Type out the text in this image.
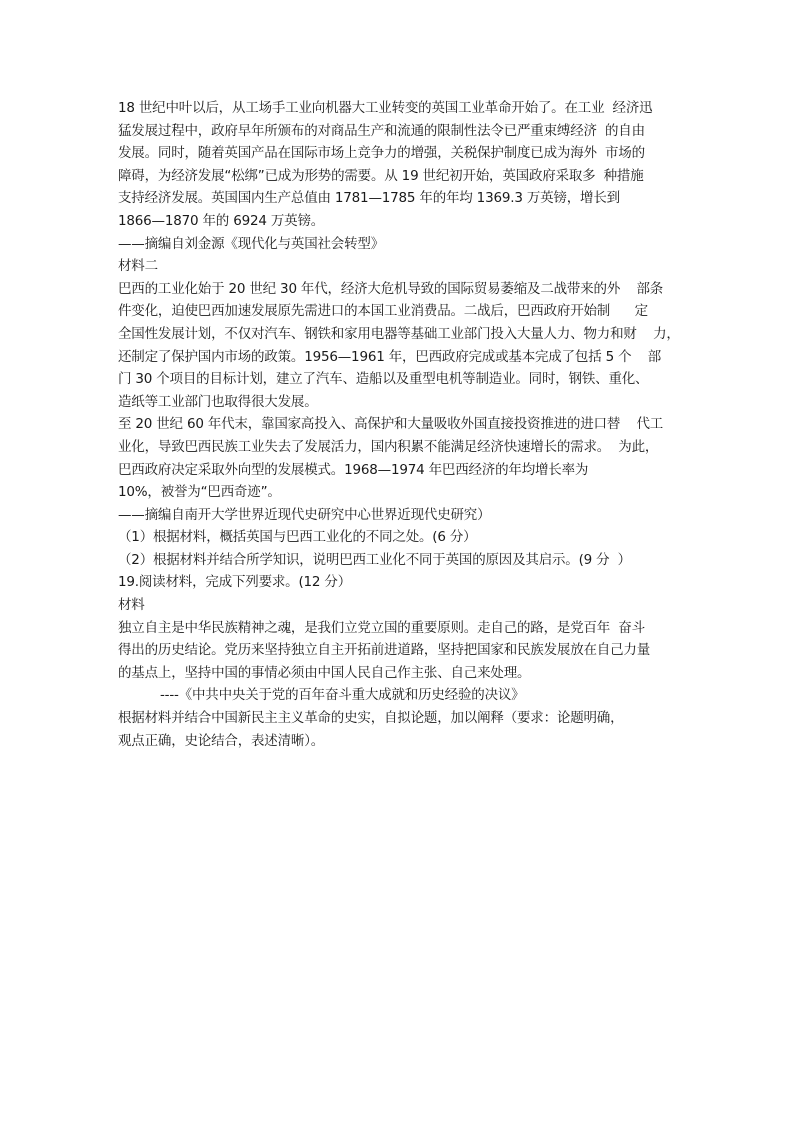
18 世纪中叶以后，从工场手工业向机器大工业转变的英国工业革命开始了。在工业  经济迅
猛发展过程中，政府早年所颁布的对商品生产和流通的限制性法令已严重束缚经济  的自由
发展。同时，随着英国产品在国际市场上竞争力的增强，关税保护制度已成为海外  市场的
障碍，为经济发展“松绑”已成为形势的需要。从 19 世纪初开始，英国政府采取多  种措施
支持经济发展。英国国内生产总值由 1781—1785 年的年均 1369.3 万英镑，增长到
1866—1870 年的 6924 万英镑。
——摘编自刘金源《现代化与英国社会转型》
材料二
巴西的工业化始于 20 世纪 30 年代，经济大危机导致的国际贸易萎缩及二战带来的外    部条
件变化，迫使巴西加速发展原先需进口的本国工业消费品。二战后，巴西政府开始制      定
全国性发展计划，不仅对汽车、钢铁和家用电器等基础工业部门投入大量人力、物力和财    力，
还制定了保护国内市场的政策。1956—1961 年，巴西政府完成或基本完成了包括 5 个    部
门 30 个项目的目标计划，建立了汽车、造船以及重型电机等制造业。同时，钢铁、重化、
造纸等工业部门也取得很大发展。
至 20 世纪 60 年代末，靠国家高投入、高保护和大量吸收外国直接投资推进的进口替    代工
业化，导致巴西民族工业失去了发展活力，国内积累不能满足经济快速增长的需求。  为此，
巴西政府决定采取外向型的发展模式。1968—1974 年巴西经济的年均增长率为
10%，被誉为“巴西奇迹”。
——摘编自南开大学世界近现代史研究中心世界近现代史研究）
（1）根据材料，概括英国与巴西工业化的不同之处。(6 分）
（2）根据材料并结合所学知识，说明巴西工业化不同于英国的原因及其启示。(9 分  ）
19.阅读材料，完成下列要求。(12 分）
材料
独立自主是中华民族精神之魂，是我们立党立国的重要原则。走自己的路，是党百年  奋斗
得出的历史结论。党历来坚持独立自主开拓前进道路，坚持把国家和民族发展放在自己力量
的基点上，坚持中国的事情必须由中国人民自己作主张、自己来处理。
----《中共中央关于党的百年奋斗重大成就和历史经验的决议》
根据材料并结合中国新民主主义革命的史实，自拟论题，加以阐释（要求：论题明确，
观点正确，史论结合，表述清晰）。
